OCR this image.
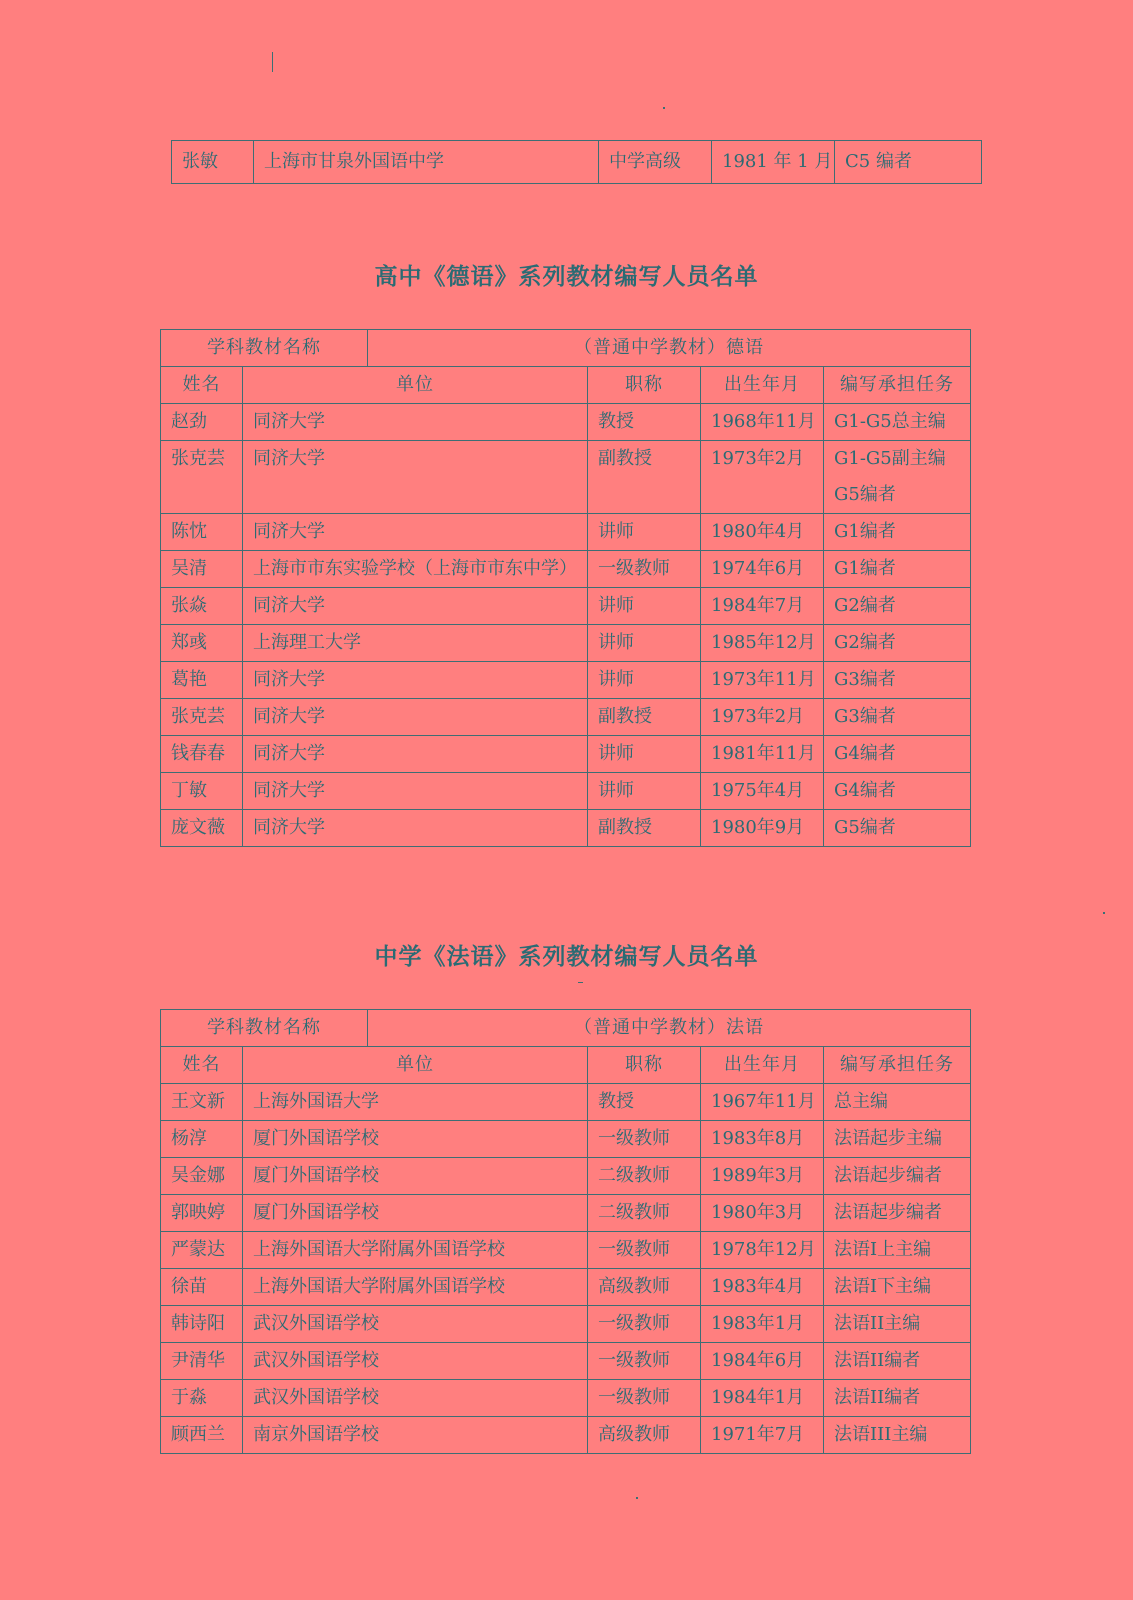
张敏	上海市甘泉外国语中学	中学高级	1981 年 1 月	C5 编者
高中《德语》系列教材编写人员名单
学科教材名称		（普通中学教材）德语			
姓名	单位		职称	出生年月	编写承担任务

赵劲	同济大学		教授	1968年11月	G1-G5总主编

张克芸	同济大学		副教授	1973年2月	G1-G5副主编
G5编者

陈忱	同济大学		讲师	1980年4月	G1编者

吴清	上海市市东实验学校（上海市市东中学）		一级教师	1974年6月	G1编者

张焱	同济大学		讲师	1984年7月	G2编者

郑彧	上海理工大学		讲师	1985年12月	G2编者

葛艳	同济大学		讲师	1973年11月	G3编者

张克芸	同济大学		副教授	1973年2月	G3编者

钱春春	同济大学		讲师	1981年11月	G4编者

丁敏	同济大学		讲师	1975年4月	G4编者

庞文薇	同济大学		副教授	1980年9月	G5编者
中学《法语》系列教材编写人员名单
学科教材名称		（普通中学教材）法语			
姓名	单位		职称	出生年月	编写承担任务

王文新	上海外国语大学		教授	1967年11月	总主编

杨淳	厦门外国语学校		一级教师	1983年8月	法语起步主编

吴金娜	厦门外国语学校		二级教师	1989年3月	法语起步编者

郭映婷	厦门外国语学校		二级教师	1980年3月	法语起步编者

严蒙达	上海外国语大学附属外国语学校		一级教师	1978年12月	法语I上主编

徐苗	上海外国语大学附属外国语学校		高级教师	1983年4月	法语I下主编

韩诗阳	武汉外国语学校		一级教师	1983年1月	法语II主编

尹清华	武汉外国语学校		一级教师	1984年6月	法语II编者

于淼	武汉外国语学校		一级教师	1984年1月	法语II编者

顾西兰	南京外国语学校		高级教师	1971年7月	法语III主编
